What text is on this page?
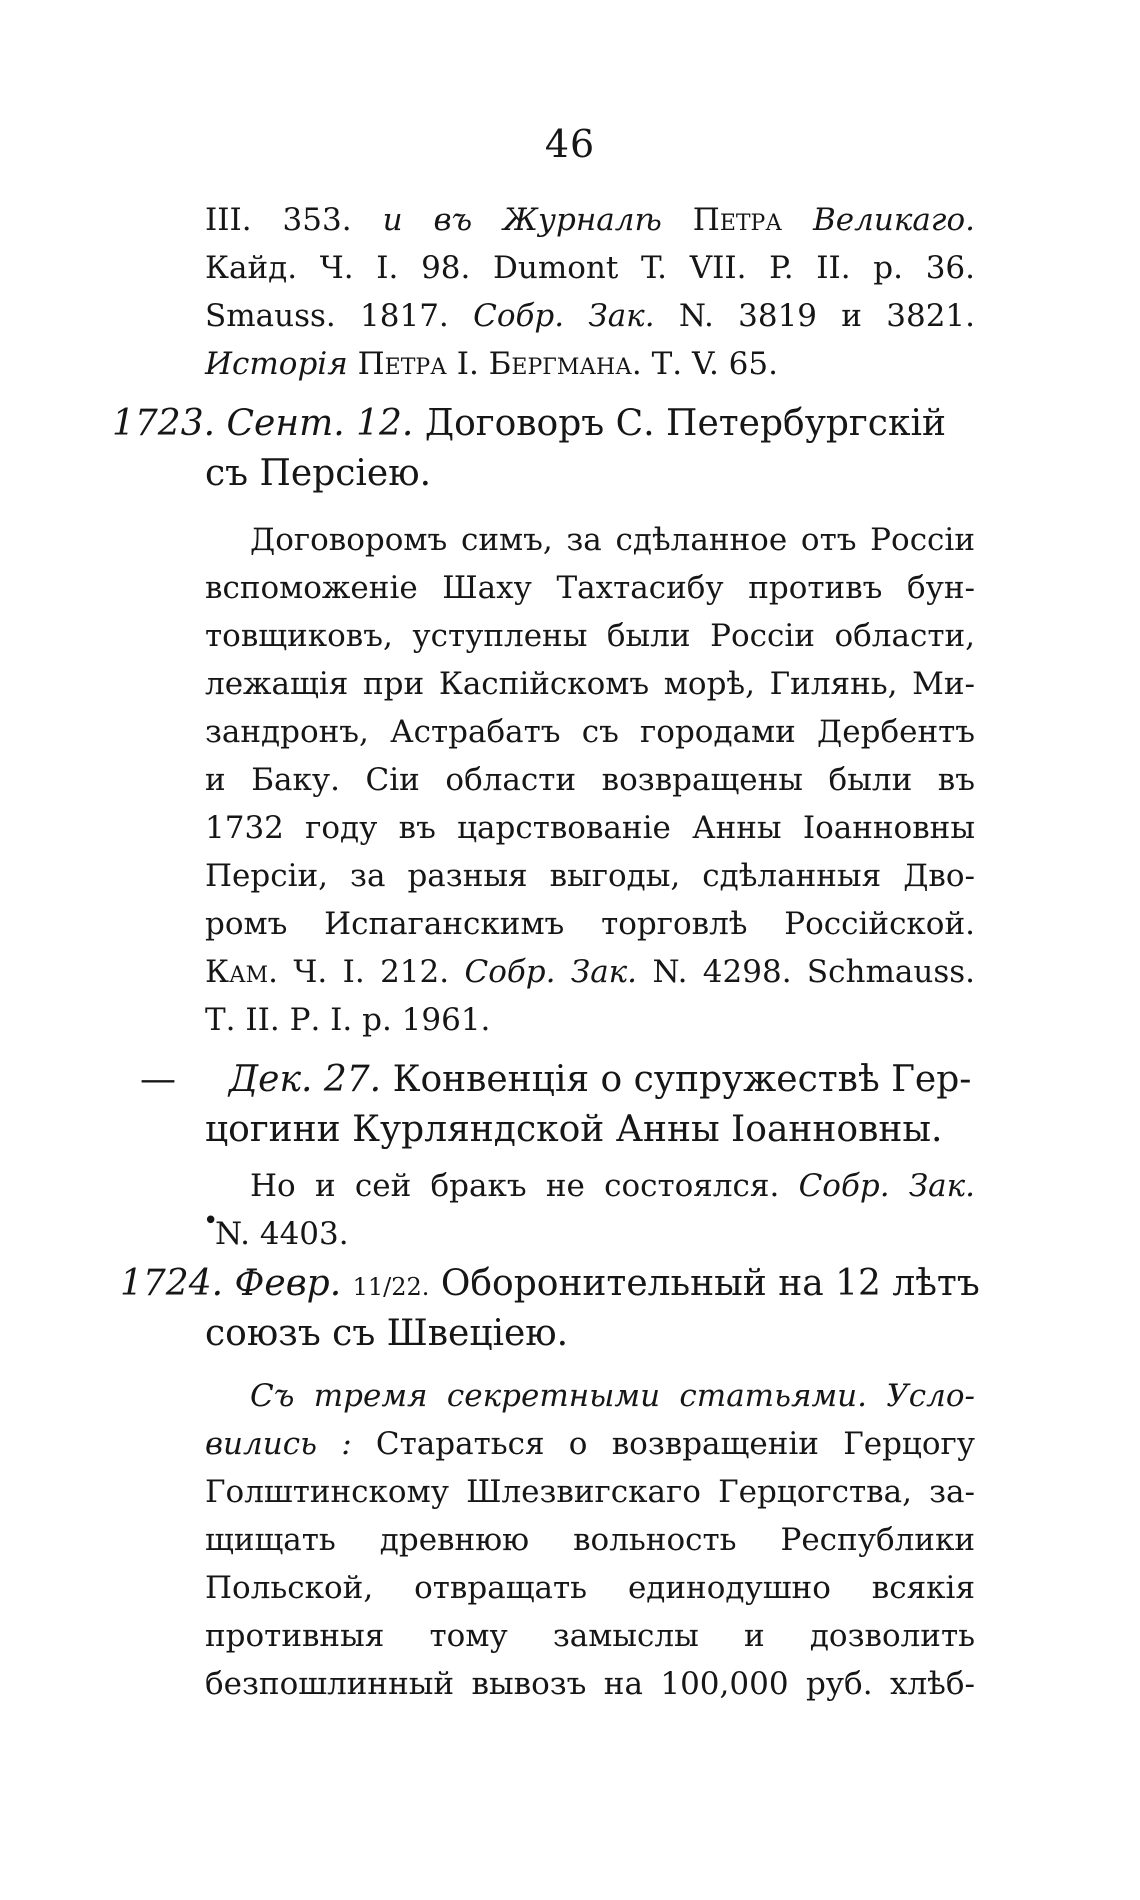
46
III. 353. и въ Журналѣ Петра Великаго.
Кайд. Ч. I. 98. Dumont T. VII. P. II. p. 36.
Smauss. 1817. Собр. Зак. N. 3819 и 3821.
Исторія Петра I. Бергмана. Т. V. 65.
1723. Сент. 12. Договоръ С. Петербургскій
съ Персіею.
Договоромъ симъ, за сдѣланное отъ Россіи
вспоможеніе Шаху Тахтасибу противъ бун-
товщиковъ, уступлены были Россіи области,
лежащія при Каспійскомъ морѣ, Гилянь, Ми-
зандронъ, Астрабатъ съ городами Дербентъ
и Баку. Сіи области возвращены были въ
1732 году въ царствованіе Анны Іоанновны
Персіи, за разныя выгоды, сдѣланныя Дво-
ромъ Испаганскимъ торговлѣ Россійской.
Кам. Ч. I. 212. Собр. Зак. N. 4298. Schmauss.
Т. II. Р. I. р. 1961.
— Дек. 27. Конвенція о супружествѣ Гер-
цогини Курляндской Анны Іоанновны.
Но и сей бракъ не состоялся. Собр. Зак.
N. 4403.
•
1724. Февр. 11/22. Оборонительный на 12 лѣтъ
союзъ съ Швеціею.
Съ тремя секретными статьями. Усло-
вились : Стараться о возвращеніи Герцогу
Голштинскому Шлезвигскаго Герцогства, за-
щищать древнюю вольность Республики
Польской, отвращать единодушно всякія
противныя тому замыслы и дозволить
безпошлинный вывозъ на 100,000 руб. хлѣб-
